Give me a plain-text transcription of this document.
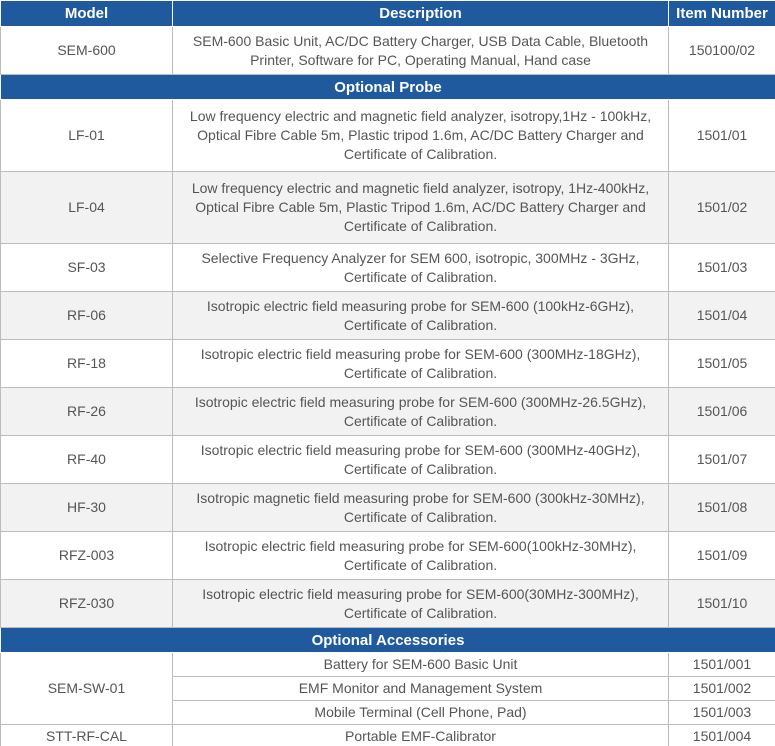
Model	Description	Item Number
SEM-600	SEM-600 Basic Unit, AC/DC Battery Charger, USB Data Cable, Bluetooth Printer, Software for PC, Operating Manual, Hand case	150100/02
Optional Probe		
LF-01	Low frequency electric and magnetic field analyzer, isotropy,1Hz - 100kHz, Optical Fibre Cable 5m, Plastic tripod 1.6m, AC/DC Battery Charger and Certificate of Calibration.	1501/01
LF-04	Low frequency electric and magnetic field analyzer, isotropy, 1Hz-400kHz, Optical Fibre Cable 5m, Plastic Tripod 1.6m, AC/DC Battery Charger and Certificate of Calibration.	1501/02
SF-03	Selective Frequency Analyzer for SEM 600, isotropic, 300MHz - 3GHz, Certificate of Calibration.	1501/03
RF-06	Isotropic electric field measuring probe for SEM-600 (100kHz-6GHz), Certificate of Calibration.	1501/04
RF-18	Isotropic electric field measuring probe for SEM-600 (300MHz-18GHz), Certificate of Calibration.	1501/05
RF-26	Isotropic electric field measuring probe for SEM-600 (300MHz-26.5GHz), Certificate of Calibration.	1501/06
RF-40	Isotropic electric field measuring probe for SEM-600 (300MHz-40GHz), Certificate of Calibration.	1501/07
HF-30	Isotropic magnetic field measuring probe for SEM-600 (300kHz-30MHz), Certificate of Calibration.	1501/08
RFZ-003	Isotropic electric field measuring probe for SEM-600(100kHz-30MHz), Certificate of Calibration.	1501/09
RFZ-030	Isotropic electric field measuring probe for SEM-600(30MHz-300MHz), Certificate of Calibration.	1501/10
Optional Accessories		
SEM-SW-01	Battery for SEM-600 Basic Unit	1501/001
	EMF Monitor and Management System	1501/002
	Mobile Terminal (Cell Phone, Pad)	1501/003
STT-RF-CAL	Portable EMF-Calibrator	1501/004
